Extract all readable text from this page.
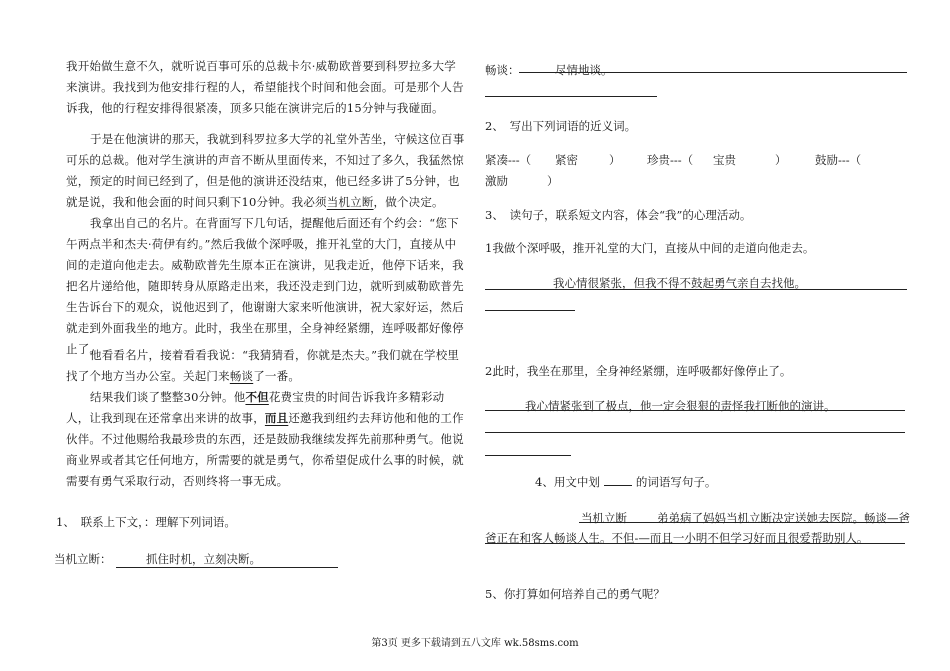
我开始做生意不久，就听说百事可乐的总裁卡尔·威勒欧普要到科罗拉多大学来演讲。我找到为他安排行程的人，希望能找个时间和他会面。可是那个人告诉我，他的行程安排得很紧凑，顶多只能在演讲完后的15分钟与我碰面。

于是在他演讲的那天，我就到科罗拉多大学的礼堂外苦坐，守候这位百事可乐的总裁。他对学生演讲的声音不断从里面传来，不知过了多久，我猛然惊觉，预定的时间已经到了，但是他的演讲还没结束，他已经多讲了5分钟，也就是说，我和他会面的时间只剩下10分钟。我必须当机立断，做个决定。

我拿出自己的名片。在背面写下几句话，提醒他后面还有个约会：“您下午两点半和杰夫·荷伊有约。”然后我做个深呼吸，推开礼堂的大门，直接从中间的走道向他走去。威勒欧普先生原本正在演讲，见我走近，他停下话来，我把名片递给他，随即转身从原路走出来，我还没走到门边，就听到威勒欧普先生告诉台下的观众，说他迟到了，他谢谢大家来听他演讲，祝大家好运，然后就走到外面我坐的地方。此时，我坐在那里，全身神经紧绷，连呼吸都好像停止了。

他看看名片，接着看看我说：“我猜猜看，你就是杰夫。”我们就在学校里找了个地方当办公室。关起门来畅谈了一番。

结果我们谈了整整30分钟。他不但花费宝贵的时间告诉我许多精彩动人，让我到现在还常拿出来讲的故事，而且还邀我到纽约去拜访他和他的工作伙伴。不过他赐给我最珍贵的东西，还是鼓励我继续发挥先前那种勇气。他说商业界或者其它任何地方，所需要的就是勇气，你希望促成什么事的时候，就需要有勇气采取行动，否则终将一事无成。

1、　联系上下文，：理解下列词语。
当机立断：	抓住时机，立刻决断。
畅谈：	尽情地谈。
2、　写出下列词语的近义词。
紧凑---（ 紧密	） 珍贵---（ 宝贵	） 鼓励---（
激励	）
3、　读句子，联系短文内容，体会“我”的心理活动。
1我做个深呼吸，推开礼堂的大门，直接从中间的走道向他走去。
我心情很紧张，但我不得不鼓起勇气亲自去找他。
2此时，我坐在那里，全身神经紧绷，连呼吸都好像停止了。
我心情紧张到了极点，他一定会狠狠的责怪我打断他的演讲。
4、用文中划	的词语写句子。
当机立断	弟弟病了妈妈当机立断决定送她去医院。畅谈—爸
爸正在和客人畅谈人生。不但-—而且一小明不但学习好而且很爱帮助别人。
5、你打算如何培养自己的勇气呢？
第3页 更多下载请到五八文库 wk.58sms.com
